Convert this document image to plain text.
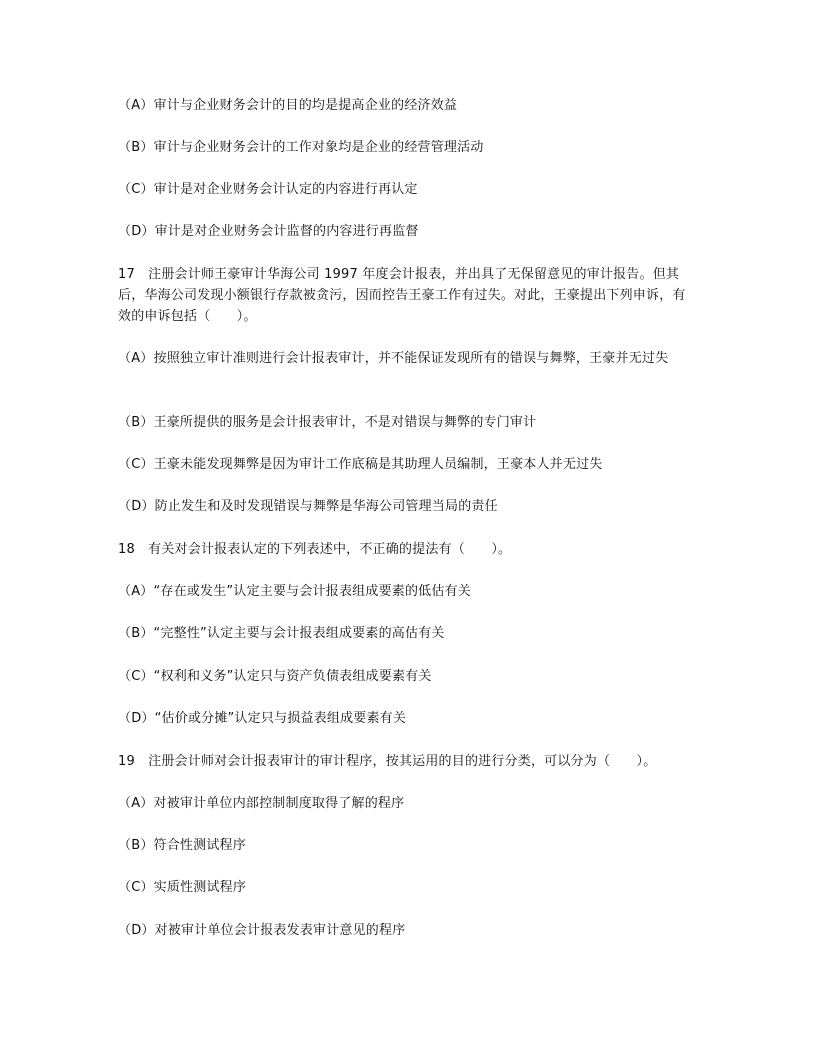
（A）审计与企业财务会计的目的均是提高企业的经济效益
（B）审计与企业财务会计的工作对象均是企业的经营管理活动
（C）审计是对企业财务会计认定的内容进行再认定
（D）审计是对企业财务会计监督的内容进行再监督
17　注册会计师王豪审计华海公司 1997 年度会计报表，并出具了无保留意见的审计报告。但其后，华海公司发现小额银行存款被贪污，因而控告王豪工作有过失。对此，王豪提出下列申诉，有效的申诉包括（　　）。
（A）按照独立审计准则进行会计报表审计，并不能保证发现所有的错误与舞弊，王豪并无过失
（B）王豪所提供的服务是会计报表审计，不是对错误与舞弊的专门审计
（C）王豪未能发现舞弊是因为审计工作底稿是其助理人员编制，王豪本人并无过失
（D）防止发生和及时发现错误与舞弊是华海公司管理当局的责任
18　有关对会计报表认定的下列表述中，不正确的提法有（　　）。
（A）“存在或发生”认定主要与会计报表组成要素的低估有关
（B）“完整性”认定主要与会计报表组成要素的高估有关
（C）“权利和义务”认定只与资产负债表组成要素有关
（D）“估价或分摊”认定只与损益表组成要素有关
19　注册会计师对会计报表审计的审计程序，按其运用的目的进行分类，可以分为（　　）。
（A）对被审计单位内部控制制度取得了解的程序
（B）符合性测试程序
（C）实质性测试程序
（D）对被审计单位会计报表发表审计意见的程序
